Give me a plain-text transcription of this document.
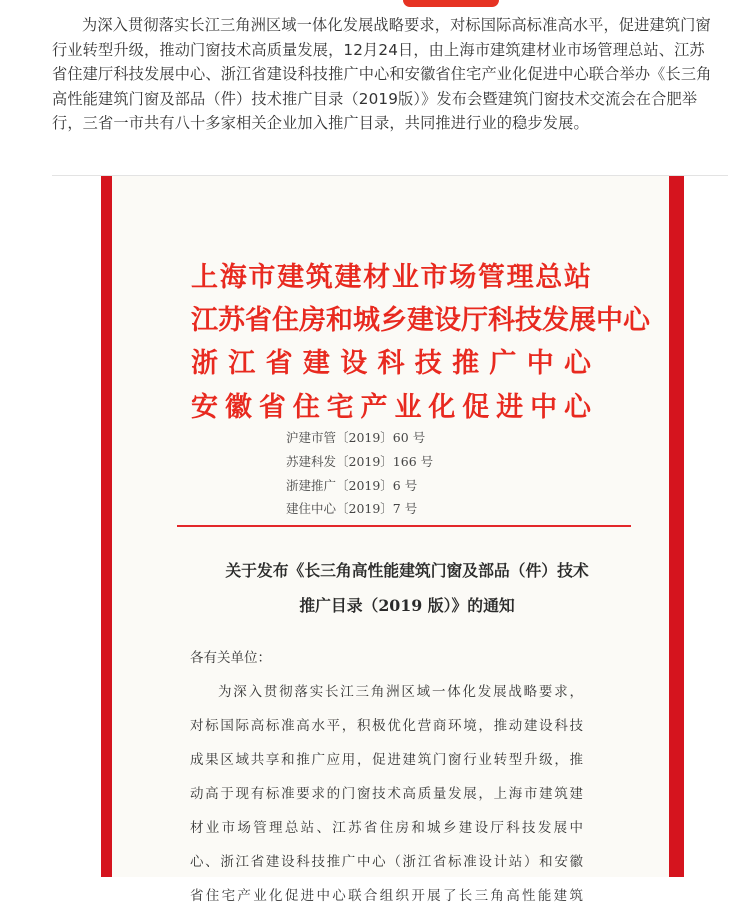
为深入贯彻落实长江三角洲区域一体化发展战略要求，对标国际高标准高水平，促进建筑门窗行业转型升级，推动门窗技术高质量发展，12月24日，由上海市建筑建材业市场管理总站、江苏省住建厅科技发展中心、浙江省建设科技推广中心和安徽省住宅产业化促进中心联合举办《长三角高性能建筑门窗及部品（件）技术推广目录（2019版）》发布会暨建筑门窗技术交流会在合肥举行，三省一市共有八十多家相关企业加入推广目录，共同推进行业的稳步发展。

上海市建筑建材业市场管理总站
江苏省住房和城乡建设厅科技发展中心
浙江省建设科技推广中心
安徽省住宅产业化促进中心
沪建市管〔2019〕60 号
苏建科发〔2019〕166 号
浙建推广〔2019〕6 号
建住中心〔2019〕7 号
关于发布《长三角高性能建筑门窗及部品（件）技术
推广目录（2019 版）》的通知
各有关单位：
为深入贯彻落实长江三角洲区域一体化发展战略要求，
对标国际高标准高水平，积极优化营商环境，推动建设科技
成果区域共享和推广应用，促进建筑门窗行业转型升级，推
动高于现有标准要求的门窗技术高质量发展，上海市建筑建
材业市场管理总站、江苏省住房和城乡建设厅科技发展中
心、浙江省建设科技推广中心（浙江省标准设计站）和安徽
省住宅产业化促进中心联合组织开展了长三角高性能建筑
